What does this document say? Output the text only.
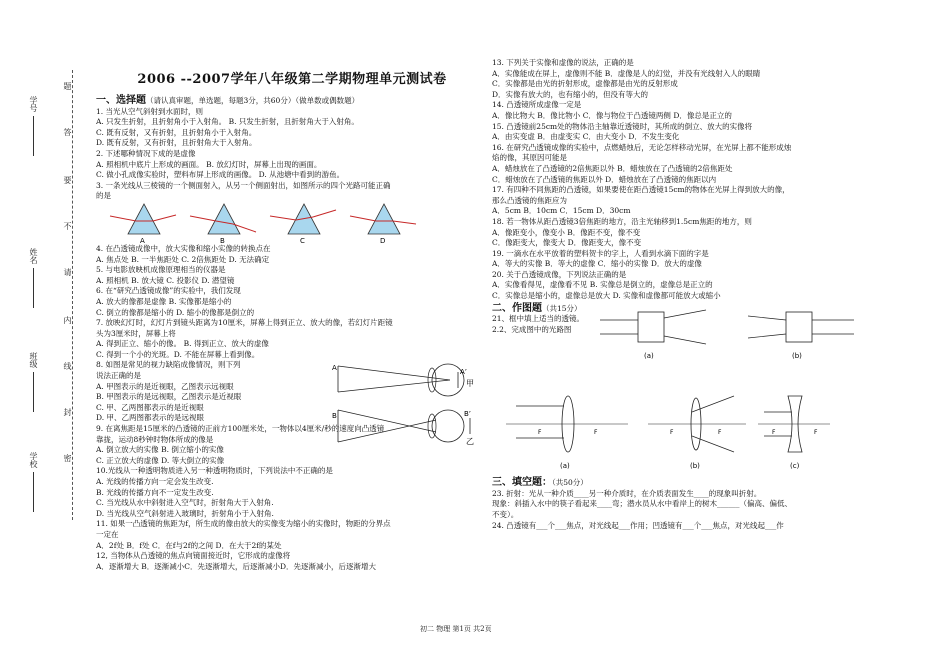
学号
姓名
班级
学校
题
答
要
不
请
内
线
封
密
2006 --2007学年八年级第二学期物理单元测试卷
一、选择题（请认真审题，单选题，每题3分，共60分）（做单数或偶数题）

1. 当光从空气斜射到水面时，则

A. 只发生折射，且折射角小于入射角。 B. 只发生折射，且折射角大于入射角。

C. 既有反射，又有折射，且折射角小于入射角。

D. 既有反射，又有折射，且折射角大于入射角。

2. 下述哪种情况下成的是虚像

A. 照相机中底片上形成的画面。 B. 放幻灯时，屏幕上出现的画面。

C. 做小孔成像实验时，塑料布屏上形成的画像。 D. 从池塘中看到的游鱼。

3. 一条光线从三棱镜的一个侧面射入，从另一个侧面射出，如图所示的四个光路可能正确

的是

A	B	C	D

4. 在凸透镜成像中，放大实像和缩小实像的转换点在

A. 焦点处 B. 一半焦距处 C. 2倍焦距处 D. 无法确定

5. 与电影放映机成像原理相当的仪器是

A. 照相机 B. 放大镜 C. 投影仪 D. 潜望镜

6. 在“研究凸透镜成像”的实验中，我们发现

A. 放大的像都是虚像 B. 实像都是缩小的

C. 倒立的像都是缩小的 D. 缩小的像都是倒立的

7. 放映幻灯时，幻灯片到镜头距离为10厘米，屏幕上得到正立、放大的像，若幻灯片距镜

头为3厘米时，屏幕上将

A. 得到正立、缩小的像。 B. 得到正立、放大的虚像

C. 得到一个小的光斑。D. 不能在屏幕上看到像。

8. 如图是常见的视力缺陷成像情况，则下列

说法正确的是

A. 甲图表示的是近视眼，乙图表示远视眼

B. 甲图表示的是远视眼，乙图表示是近视眼

C. 甲、乙两图都表示的是近视眼

D. 甲、乙两图都表示的是远视眼

9. 在离焦距是15厘米的凸透镜的正前方100厘米处，一物体以4厘米/秒的速度向凸透镜

靠拢，运动8秒钟时物体所成的像是

A. 倒立放大的实像 B. 倒立缩小的实像

C. 正立放大的虚像 D. 等大倒立的实像

10.光线从一种透明物质进入另一种透明物质时，下列说法中不正确的是

A. 光线的传播方向一定会发生改变.

B. 光线的传播方向不一定发生改变.

C. 当光线从水中斜射进入空气时，折射角大于入射角.

D. 当光线从空气斜射进入玻璃时，折射角小于入射角.

11. 如果一凸透镜的焦距为f，所生成的像由放大的实像变为缩小的实像时，物距的分界点

一定在

A．2f处 B．f处 C．在f与2f的之间 D．在大于2f的某处

12, 当物体从凸透镜的焦点向镜面接近时，它形成的虚像将

A．逐渐增大 B．逐渐减小C．先逐渐增大，后逐渐减小D．先逐渐减小，后逐渐增大

A	A’
甲
B	B’
乙

13. 下列关于实像和虚像的说法，正确的是

A．实像能成在屏上，虚像则不能 B．虚像是人的幻觉，并没有光线射入人的眼睛

C．实像都是由光的折射形成，虚像都是由光的反射形成

D．实像有放大的，也有缩小的，但没有等大的

14. 凸透镜所成虚像一定是

A．像比物大 B．像比物小 C．像与物位于凸透镜两侧 D．像总是正立的

15. 凸透镜前25cm处的物体沿主轴靠近透镜时，其所成的倒立、放大的实像将

A．由实变虚 B．由虚变实 C．由大变小 D．不发生变化

16. 在研究凸透镜成像的实验中，点燃蜡烛后，无论怎样移动光屏，在光屏上都不能形成烛

焰的像，其原因可能是

A．蜡烛放在了凸透镜的2倍焦距以外 B．蜡烛放在了凸透镜的2倍焦距处

C．蜡烛放在了凸透镜的焦距以外 D．蜡烛放在了凸透镜的焦距以内

17. 有四种不同焦距的凸透镜，如果要使在距凸透镜15cm的物体在光屏上得到放大的像，

那么凸透镜的焦距应为

A．5cm B．10cm C．15cm D．30cm

18. 若一物体从距凸透镜3倍焦距的地方，沿主光轴移到1.5cm焦距的地方，则

A．像距变小，像变小 B．像距不变，像不变

C．像距变大，像变大 D．像距变大，像不变

19. 一滴水在水平放着的塑料贺卡的字上，人看到水滴下面的字是

A．等大的实像 B．等大的虚像 C．缩小的实像 D．放大的虚像

20. 关于凸透镜成像，下列说法正确的是

A．实像看得见，虚像看不见 B. 实像总是倒立的，虚像总是正立的

C．实像总是缩小的，虚像总是放大 D. 实像和虚像都可能放大或缩小

二、作图题（共15分）

21、框中填上适当的透镜。

2.2、完成图中的光路图

(a)	(b)
F	F
(a)
F	F
(b)
F	F
(c)
三、填空题：（共50分）

23. 折射：光从一种介质____另一种介质时，在介质表面发生____的现象叫折射。

现象：斜插入水中的筷子看起来____弯；潜水员从水中看岸上的树木______（偏高、偏低、

不变）。

24. 凸透镜有___个___焦点，对光线起___作用；凹透镜有___个___焦点，对光线起___作

初二 物理 第1页 共2页
